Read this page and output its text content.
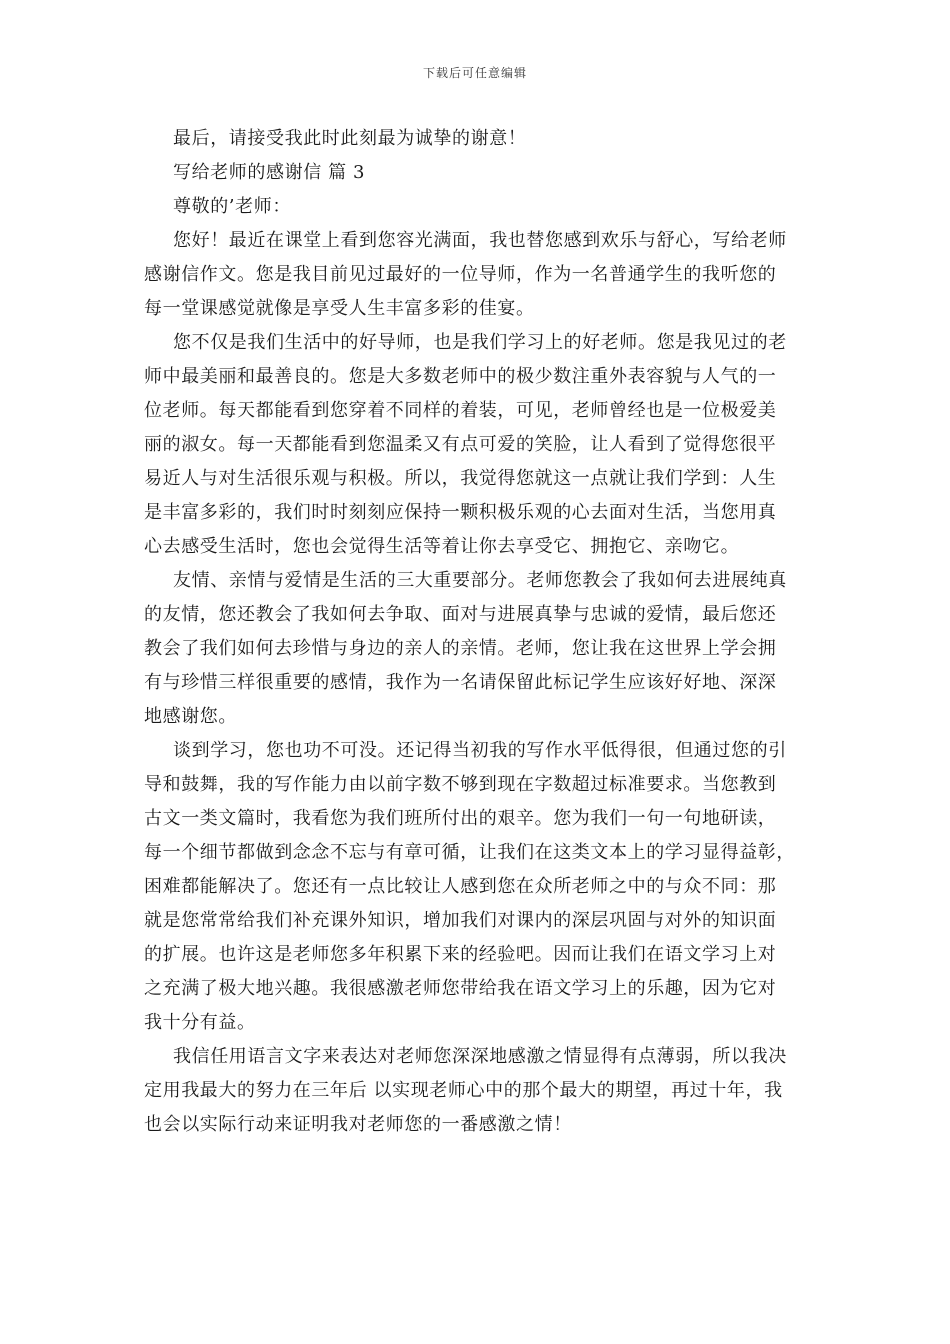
下载后可任意编辑
最后，请接受我此时此刻最为诚挚的谢意！
写给老师的感谢信 篇 3
尊敬的’老师：
您好！最近在课堂上看到您容光满面，我也替您感到欢乐与舒心，写给老师
感谢信作文。您是我目前见过最好的一位导师，作为一名普通学生的我听您的
每一堂课感觉就像是享受人生丰富多彩的佳宴。
您不仅是我们生活中的好导师，也是我们学习上的好老师。您是我见过的老
师中最美丽和最善良的。您是大多数老师中的极少数注重外表容貌与人气的一
位老师。每天都能看到您穿着不同样的着装，可见，老师曾经也是一位极爱美
丽的淑女。每一天都能看到您温柔又有点可爱的笑脸，让人看到了觉得您很平
易近人与对生活很乐观与积极。所以，我觉得您就这一点就让我们学到：人生
是丰富多彩的，我们时时刻刻应保持一颗积极乐观的心去面对生活，当您用真
心去感受生活时，您也会觉得生活等着让你去享受它、拥抱它、亲吻它。
友情、亲情与爱情是生活的三大重要部分。老师您教会了我如何去进展纯真
的友情，您还教会了我如何去争取、面对与进展真挚与忠诚的爱情，最后您还
教会了我们如何去珍惜与身边的亲人的亲情。老师，您让我在这世界上学会拥
有与珍惜三样很重要的感情，我作为一名请保留此标记学生应该好好地、深深
地感谢您。
谈到学习，您也功不可没。还记得当初我的写作水平低得很，但通过您的引
导和鼓舞，我的写作能力由以前字数不够到现在字数超过标准要求。当您教到
古文一类文篇时，我看您为我们班所付出的艰辛。您为我们一句一句地研读，
每一个细节都做到念念不忘与有章可循，让我们在这类文本上的学习显得益彰，
困难都能解决了。您还有一点比较让人感到您在众所老师之中的与众不同：那
就是您常常给我们补充课外知识，增加我们对课内的深层巩固与对外的知识面
的扩展。也许这是老师您多年积累下来的经验吧。因而让我们在语文学习上对
之充满了极大地兴趣。我很感激老师您带给我在语文学习上的乐趣，因为它对
我十分有益。
我信任用语言文字来表达对老师您深深地感激之情显得有点薄弱，所以我决
定用我最大的努力在三年后 以实现老师心中的那个最大的期望，再过十年，我
也会以实际行动来证明我对老师您的一番感激之情！
